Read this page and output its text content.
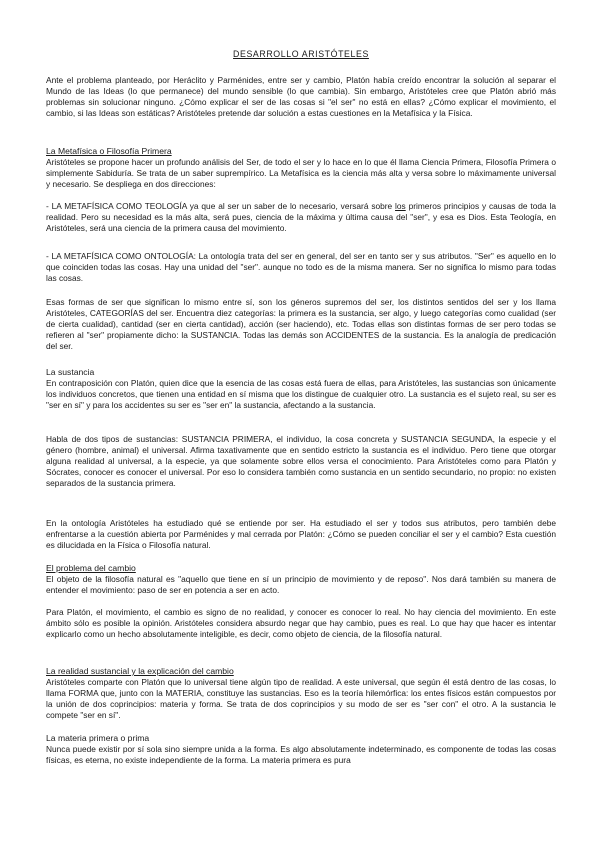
DESARROLLO ARISTÓTELES

Ante el problema planteado, por Heráclito y Parménides, entre ser y cambio, Platón había creído encontrar la solución al separar el Mundo de las Ideas (lo que permanece) del mundo sensible (lo que cambia). Sin embargo, Aristóteles cree que Platón abrió más problemas sin solucionar ninguno. ¿Cómo explicar el ser de las cosas si "el ser" no está en ellas? ¿Cómo explicar el movimiento, el cambio, si las Ideas son estáticas? Aristóteles pretende dar solución a estas cuestiones en la Metafísica y la Física.

La Metafísica o Filosofía Primera

Aristóteles se propone hacer un profundo análisis del Ser, de todo el ser y lo hace en lo que él llama Ciencia Primera, Filosofía Primera o simplemente Sabiduría. Se trata de un saber suprempírico. La Metafísica es la ciencia más alta y versa sobre lo máximamente universal y necesario. Se despliega en dos direcciones:

- LA METAFÍSICA COMO TEOLOGÍA ya que al ser un saber de lo necesario, versará sobre los primeros principios y causas de toda la realidad. Pero su necesidad es la más alta, será pues, ciencia de la máxima y última causa del "ser", y esa es Dios. Esta Teología, en Aristóteles, será una ciencia de la primera causa del movimiento.

- LA METAFÍSICA COMO ONTOLOGÍA: La ontología trata del ser en general, del ser en tanto ser y sus atributos. "Ser" es aquello en lo que coinciden todas las cosas. Hay una unidad del "ser". aunque no todo es de la misma manera. Ser no significa lo mismo para todas las cosas.

Esas formas de ser que significan lo mismo entre sí, son los géneros supremos del ser, los distintos sentidos del ser y los llama Aristóteles, CATEGORÍAS del ser. Encuentra diez categorías: la primera es la sustancia, ser algo, y luego categorías como cualidad (ser de cierta cualidad), cantidad (ser en cierta cantidad), acción (ser haciendo), etc. Todas ellas son distintas formas de ser pero todas se refieren al "ser" propiamente dicho: la SUSTANCIA. Todas las demás son ACCIDENTES de la sustancia. Es la analogía de predicación del ser.

La sustancia

En contraposición con Platón, quien dice que la esencia de las cosas está fuera de ellas, para Aristóteles, las sustancias son únicamente los individuos concretos, que tienen una entidad en sí misma que los distingue de cualquier otro. La sustancia es el sujeto real, su ser es "ser en sí" y para los accidentes su ser es "ser en" la sustancia, afectando a la sustancia.

Habla de dos tipos de sustancias: SUSTANCIA PRIMERA, el individuo, la cosa concreta y SUSTANCIA SEGUNDA, la especie y el género (hombre, animal) el universal. Afirma taxativamente que en sentido estricto la sustancia es el individuo. Pero tiene que otorgar alguna realidad al universal, a la especie, ya que solamente sobre ellos versa el conocimiento. Para Aristóteles como para Platón y Sócrates, conocer es conocer el universal. Por eso lo considera también como sustancia en un sentido secundario, no propio: no existen separados de la sustancia primera.

En la ontología Aristóteles ha estudiado qué se entiende por ser. Ha estudiado el ser y todos sus atributos, pero también debe enfrentarse a la cuestión abierta por Parménides y mal cerrada por Platón: ¿Cómo se pueden conciliar el ser y el cambio? Esta cuestión es dilucidada en la Física o Filosofía natural.

El problema del cambio

El objeto de la filosofía natural es "aquello que tiene en sí un principio de movimiento y de reposo". Nos dará también su manera de entender el movimiento: paso de ser en potencia a ser en acto.

Para Platón, el movimiento, el cambio es signo de no realidad, y conocer es conocer lo real. No hay ciencia del movimiento. En este ámbito sólo es posible la opinión. Aristóteles considera absurdo negar que hay cambio, pues es real. Lo que hay que hacer es intentar explicarlo como un hecho absolutamente inteligible, es decir, como objeto de ciencia, de la filosofía natural.

La realidad sustancial y la explicación del cambio

Aristóteles comparte con Platón que lo universal tiene algún tipo de realidad. A este universal, que según él está dentro de las cosas, lo llama FORMA que, junto con la MATERIA, constituye las sustancias. Eso es la teoría hilemórfica: los entes físicos están compuestos por la unión de dos coprincipios: materia y forma. Se trata de dos coprincipios y su modo de ser es "ser con" el otro. A la sustancia le compete "ser en sí".

La materia primera o prima

Nunca puede existir por sí sola sino siempre unida a la forma. Es algo absolutamente indeterminado, es componente de todas las cosas físicas, es eterna, no existe independiente de la forma. La materia primera es pura
